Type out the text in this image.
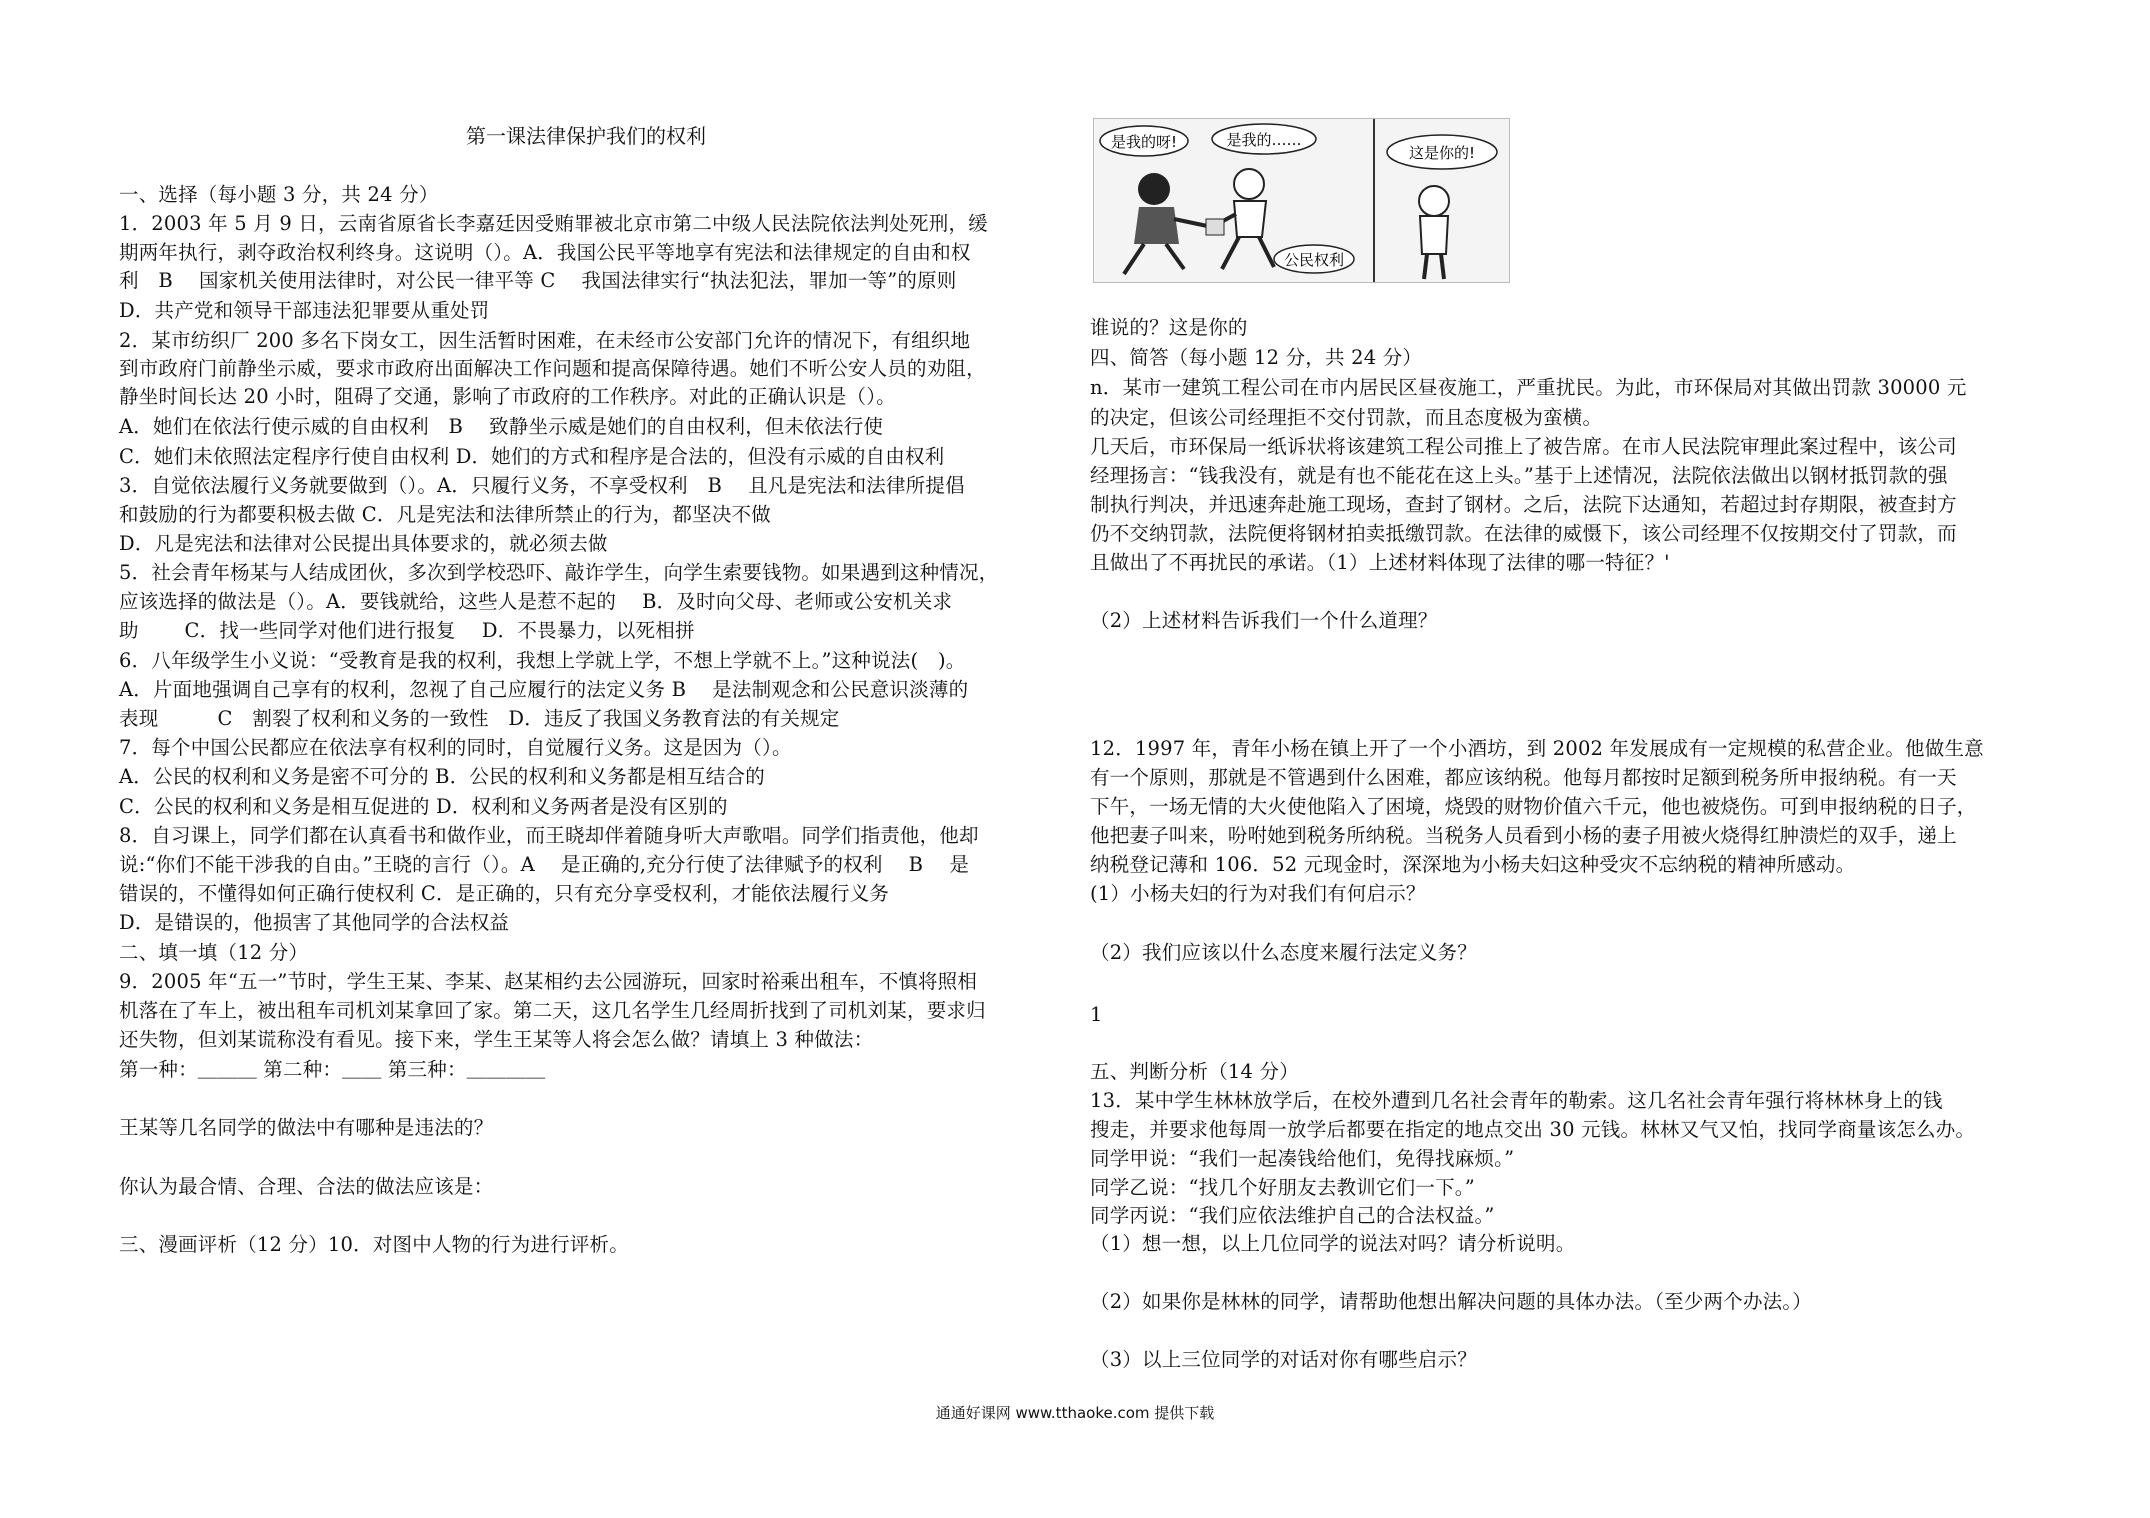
第一课法律保护我们的权利
一、选择（每小题 3 分，共 24 分）
1．2003 年 5 月 9 日，云南省原省长李嘉廷因受贿罪被北京市第二中级人民法院依法判处死刑，缓
期两年执行，剥夺政治权利终身。这说明（）。A．我国公民平等地享有宪法和法律规定的自由和权
利　B　 国家机关使用法律时，对公民一律平等 C　 我国法律实行“执法犯法，罪加一等”的原则
D．共产党和领导干部违法犯罪要从重处罚
2．某市纺织厂 200 多名下岗女工，因生活暂时困难，在未经市公安部门允许的情况下，有组织地
到市政府门前静坐示威，要求市政府出面解决工作问题和提高保障待遇。她们不听公安人员的劝阻，
静坐时间长达 20 小时，阻碍了交通，影响了市政府的工作秩序。对此的正确认识是（）。
A．她们在依法行使示威的自由权利　B　 致静坐示威是她们的自由权利，但未依法行使
C．她们未依照法定程序行使自由权利 D．她们的方式和程序是合法的，但没有示威的自由权利
3．自觉依法履行义务就要做到（）。A．只履行义务，不享受权利　B　 且凡是宪法和法律所提倡
和鼓励的行为都要积极去做 C．凡是宪法和法律所禁止的行为，都坚决不做
D．凡是宪法和法律对公民提出具体要求的，就必须去做
5．社会青年杨某与人结成团伙，多次到学校恐吓、敲诈学生，向学生索要钱物。如果遇到这种情况，
应该选择的做法是（）。A．要钱就给，这些人是惹不起的　 B．及时向父母、老师或公安机关求
助　　 C．找一些同学对他们进行报复　 D．不畏暴力，以死相拼
6．八年级学生小义说：“受教育是我的权利，我想上学就上学，不想上学就不上。”这种说法(　)。
A．片面地强调自己享有的权利，忽视了自己应履行的法定义务 B　 是法制观念和公民意识淡薄的
表现　　　C　割裂了权利和义务的一致性　D．违反了我国义务教育法的有关规定
7．每个中国公民都应在依法享有权利的同时，自觉履行义务。这是因为（）。
A．公民的权利和义务是密不可分的 B．公民的权利和义务都是相互结合的
C．公民的权利和义务是相互促进的 D．权利和义务两者是没有区别的
8．自习课上，同学们都在认真看书和做作业，而王晓却伴着随身听大声歌唱。同学们指责他，他却
说:“你们不能干涉我的自由。”王晓的言行（）。A　 是正确的,充分行使了法律赋予的权利　 B　 是
错误的，不懂得如何正确行使权利 C．是正确的，只有充分享受权利，才能依法履行义务
D．是错误的，他损害了其他同学的合法权益
二、填一填（12 分）
9．2005 年“五一”节时，学生王某、李某、赵某相约去公园游玩，回家时裕乘出租车，不慎将照相
机落在了车上，被出租车司机刘某拿回了家。第二天，这几名学生几经周折找到了司机刘某，要求归
还失物，但刘某谎称没有看见。接下来，学生王某等人将会怎么做？请填上 3 种做法：
第一种：＿＿＿ 第二种：＿＿ 第三种：＿＿＿＿
王某等几名同学的做法中有哪种是违法的？
你认为最合情、合理、合法的做法应该是：
三、漫画评析（12 分）10．对图中人物的行为进行评析。
是我的呀!	是我的……
这是你的!
公民权利
谁说的？这是你的
四、简答（每小题 12 分，共 24 分）
n．某市一建筑工程公司在市内居民区昼夜施工，严重扰民。为此，市环保局对其做出罚款 30000 元
的决定，但该公司经理拒不交付罚款，而且态度极为蛮横。
几天后，市环保局一纸诉状将该建筑工程公司推上了被告席。在市人民法院审理此案过程中，该公司
经理扬言：“钱我没有，就是有也不能花在这上头。”基于上述情况，法院依法做出以钢材抵罚款的强
制执行判决，并迅速奔赴施工现场，查封了钢材。之后，法院下达通知，若超过封存期限，被查封方
仍不交纳罚款，法院便将钢材拍卖抵缴罚款。在法律的威慑下，该公司经理不仅按期交付了罚款，而
且做出了不再扰民的承诺。（1）上述材料体现了法律的哪一特征？'
（2）上述材料告诉我们一个什么道理？
12．1997 年，青年小杨在镇上开了一个小酒坊，到 2002 年发展成有一定规模的私营企业。他做生意
有一个原则，那就是不管遇到什么困难，都应该纳税。他每月都按时足额到税务所申报纳税。有一天
下午，一场无情的大火使他陷入了困境，烧毁的财物价值六千元，他也被烧伤。可到申报纳税的日子，
他把妻子叫来，吩咐她到税务所纳税。当税务人员看到小杨的妻子用被火烧得红肿溃烂的双手，递上
纳税登记薄和 106．52 元现金时，深深地为小杨夫妇这种受灾不忘纳税的精神所感动。
(1）小杨夫妇的行为对我们有何启示？
（2）我们应该以什么态度来履行法定义务？
1
五、判断分析（14 分）
13．某中学生林林放学后，在校外遭到几名社会青年的勒索。这几名社会青年强行将林林身上的钱
搜走，并要求他每周一放学后都要在指定的地点交出 30 元钱。林林又气又怕，找同学商量该怎么办。
同学甲说：“我们一起凑钱给他们，免得找麻烦。”
同学乙说：“找几个好朋友去教训它们一下。”
同学丙说：“我们应依法维护自己的合法权益。”
（1）想一想，以上几位同学的说法对吗？请分析说明。
（2）如果你是林林的同学，请帮助他想出解决问题的具体办法。（至少两个办法。）
（3）以上三位同学的对话对你有哪些启示？
通通好课网 www.tthaoke.com 提供下载
